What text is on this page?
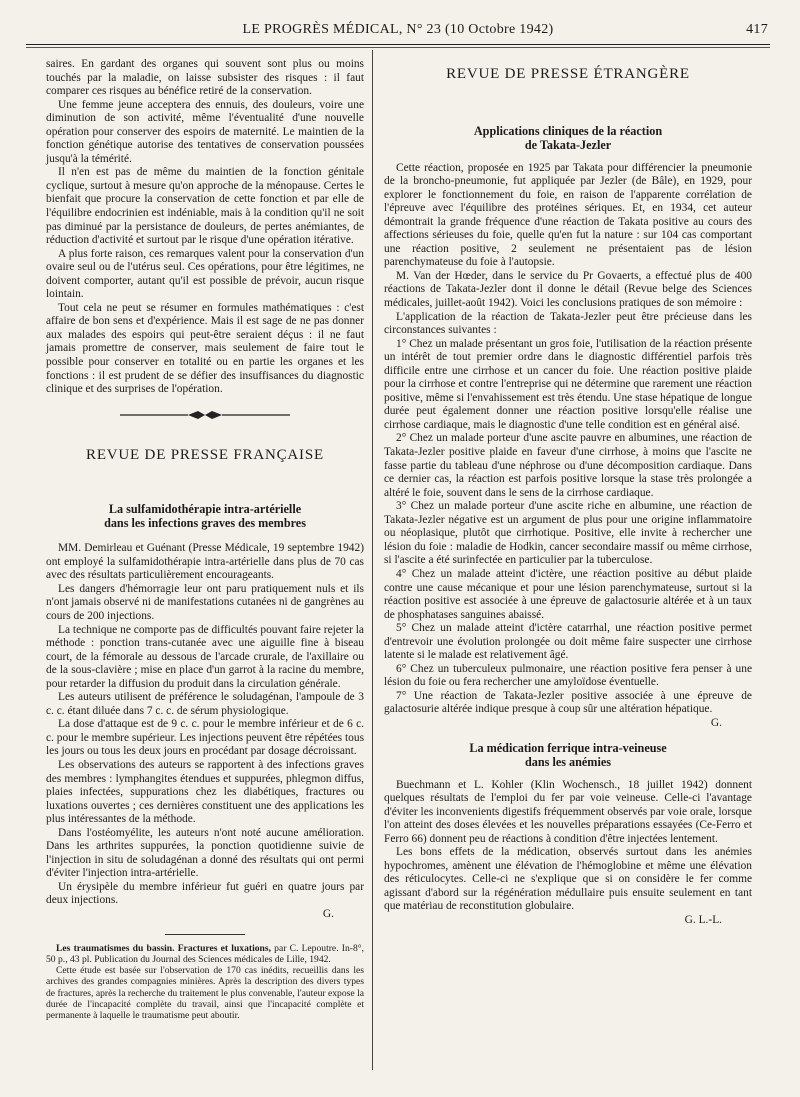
LE PROGRÈS MÉDICAL, N° 23 (10 Octobre 1942)	417

saires. En gardant des organes qui souvent sont plus ou moins touchés par la maladie, on laisse subsister des risques : il faut comparer ces risques au bénéfice retiré de la conservation.

Une femme jeune acceptera des ennuis, des douleurs, voire une diminution de son activité, même l'éventualité d'une nouvelle opération pour conserver des espoirs de maternité. Le maintien de la fonction génétique autorise des tentatives de conservation poussées jusqu'à la témérité.

Il n'en est pas de même du maintien de la fonction génitale cyclique, surtout à mesure qu'on approche de la ménopause. Certes le bienfait que procure la conservation de cette fonction et par elle de l'équilibre endocrinien est indéniable, mais à la condition qu'il ne soit pas diminué par la persistance de douleurs, de pertes anémiantes, de réduction d'activité et surtout par le risque d'une opération itérative.

A plus forte raison, ces remarques valent pour la conservation d'un ovaire seul ou de l'utérus seul. Ces opérations, pour être légitimes, ne doivent comporter, autant qu'il est possible de prévoir, aucun risque lointain.

Tout cela ne peut se résumer en formules mathématiques : c'est affaire de bon sens et d'expérience. Mais il est sage de ne pas donner aux malades des espoirs qui peut-être seraient déçus : il ne faut jamais promettre de conserver, mais seulement de faire tout le possible pour conserver en totalité ou en partie les organes et les fonctions : il est prudent de se défier des insuffisances du diagnostic clinique et des surprises de l'opération.

REVUE DE PRESSE FRANÇAISE

La sulfamidothérapie intra-artérielle

dans les infections graves des membres

MM. Demirleau et Guénant (Presse Médicale, 19 septembre 1942) ont employé la sulfamidothérapie intra-artérielle dans plus de 70 cas avec des résultats particulièrement encourageants.

Les dangers d'hémorragie leur ont paru pratiquement nuls et ils n'ont jamais observé ni de manifestations cutanées ni de gangrènes au cours de 200 injections.

La technique ne comporte pas de difficultés pouvant faire rejeter la méthode : ponction trans-cutanée avec une aiguille fine à biseau court, de la fémorale au dessous de l'arcade crurale, de l'axillaire ou de la sous-clavière ; mise en place d'un garrot à la racine du membre, pour retarder la diffusion du produit dans la circulation générale.

Les auteurs utilisent de préférence le soludagénan, l'ampoule de 3 c. c. étant diluée dans 7 c. c. de sérum physiologique.

La dose d'attaque est de 9 c. c. pour le membre inférieur et de 6 c. c. pour le membre supérieur. Les injections peuvent être répétées tous les jours ou tous les deux jours en procédant par dosage décroissant.

Les observations des auteurs se rapportent à des infections graves des membres : lymphangites étendues et suppurées, phlegmon diffus, plaies infectées, suppurations chez les diabétiques, fractures ou luxations ouvertes ; ces dernières constituent une des applications les plus intéressantes de la méthode.

Dans l'ostéomyélite, les auteurs n'ont noté aucune amélioration. Dans les arthrites suppurées, la ponction quotidienne suivie de l'injection in situ de soludagénan a donné des résultats qui ont permi d'éviter l'injection intra-artérielle.

Un érysipèle du membre inférieur fut guéri en quatre jours par deux injections.

G.

Les traumatismes du bassin. Fractures et luxations, par C. Lepoutre. In-8°, 50 p., 43 pl. Publication du Journal des Sciences médicales de Lille, 1942.

Cette étude est basée sur l'observation de 170 cas inédits, recueillis dans les archives des grandes compagnies minières. Après la description des divers types de fractures, après la recherche du traitement le plus convenable, l'auteur expose la durée de l'incapacité complète du travail, ainsi que l'incapacité complète et permanente à laquelle le traumatisme peut aboutir.

REVUE DE PRESSE ÉTRANGÈRE

Applications cliniques de la réaction

de Takata-Jezler

Cette réaction, proposée en 1925 par Takata pour différencier la pneumonie de la broncho-pneumonie, fut appliquée par Jezler (de Bâle), en 1929, pour explorer le fonctionnement du foie, en raison de l'apparente corrélation de l'épreuve avec l'équilibre des protéines sériques. Et, en 1934, cet auteur démontrait la grande fréquence d'une réaction de Takata positive au cours des affections sérieuses du foie, quelle qu'en fut la nature : sur 104 cas comportant une réaction positive, 2 seulement ne présentaient pas de lésion parenchymateuse du foie à l'autopsie.

M. Van der Hœder, dans le service du Pr Govaerts, a effectué plus de 400 réactions de Takata-Jezler dont il donne le détail (Revue belge des Sciences médicales, juillet-août 1942). Voici les conclusions pratiques de son mémoire :

L'application de la réaction de Takata-Jezler peut être précieuse dans les circonstances suivantes :

1° Chez un malade présentant un gros foie, l'utilisation de la réaction présente un intérêt de tout premier ordre dans le diagnostic différentiel parfois très difficile entre une cirrhose et un cancer du foie. Une réaction positive plaide pour la cirrhose et contre l'entreprise qui ne détermine que rarement une réaction positive, même si l'envahissement est très étendu. Une stase hépatique de longue durée peut également donner une réaction positive lorsqu'elle réalise une cirrhose cardiaque, mais le diagnostic d'une telle condition est en général aisé.

2° Chez un malade porteur d'une ascite pauvre en albumines, une réaction de Takata-Jezler positive plaide en faveur d'une cirrhose, à moins que l'ascite ne fasse partie du tableau d'une néphrose ou d'une décomposition cardiaque. Dans ce dernier cas, la réaction est parfois positive lorsque la stase très prolongée a altéré le foie, souvent dans le sens de la cirrhose cardiaque.

3° Chez un malade porteur d'une ascite riche en albumine, une réaction de Takata-Jezler négative est un argument de plus pour une origine inflammatoire ou néoplasique, plutôt que cirrhotique. Positive, elle invite à rechercher une lésion du foie : maladie de Hodkin, cancer secondaire massif ou même cirrhose, si l'ascite a été surinfectée en particulier par la tuberculose.

4° Chez un malade atteint d'ictère, une réaction positive au début plaide contre une cause mécanique et pour une lésion parenchymateuse, surtout si la réaction positive est associée à une épreuve de galactosurie altérée et à un taux de phosphatases sanguines abaissé.

5° Chez un malade atteint d'ictère catarrhal, une réaction positive permet d'entrevoir une évolution prolongée ou doit même faire suspecter une cirrhose latente si le malade est relativement âgé.

6° Chez un tuberculeux pulmonaire, une réaction positive fera penser à une lésion du foie ou fera rechercher une amyloïdose éventuelle.

7° Une réaction de Takata-Jezler positive associée à une épreuve de galactosurie altérée indique presque à coup sûr une altération hépatique.

G.

La médication ferrique intra-veineuse

dans les anémies

Buechmann et L. Kohler (Klin Wochensch., 18 juillet 1942) donnent quelques résultats de l'emploi du fer par voie veineuse. Celle-ci l'avantage d'éviter les inconvenients digestifs fréquemment observés par voie orale, lorsque l'on atteint des doses élevées et les nouvelles préparations essayées (Ce-Ferro et Ferro 66) donnent peu de réactions à condition d'être injectées lentement.

Les bons effets de la médication, observés surtout dans les anémies hypochromes, amènent une élévation de l'hémoglobine et même une élévation des réticulocytes. Celle-ci ne s'explique que si on considère le fer comme agissant d'abord sur la régénération médullaire puis ensuite seulement en tant que matériau de reconstitution globulaire.

G. L.-L.
